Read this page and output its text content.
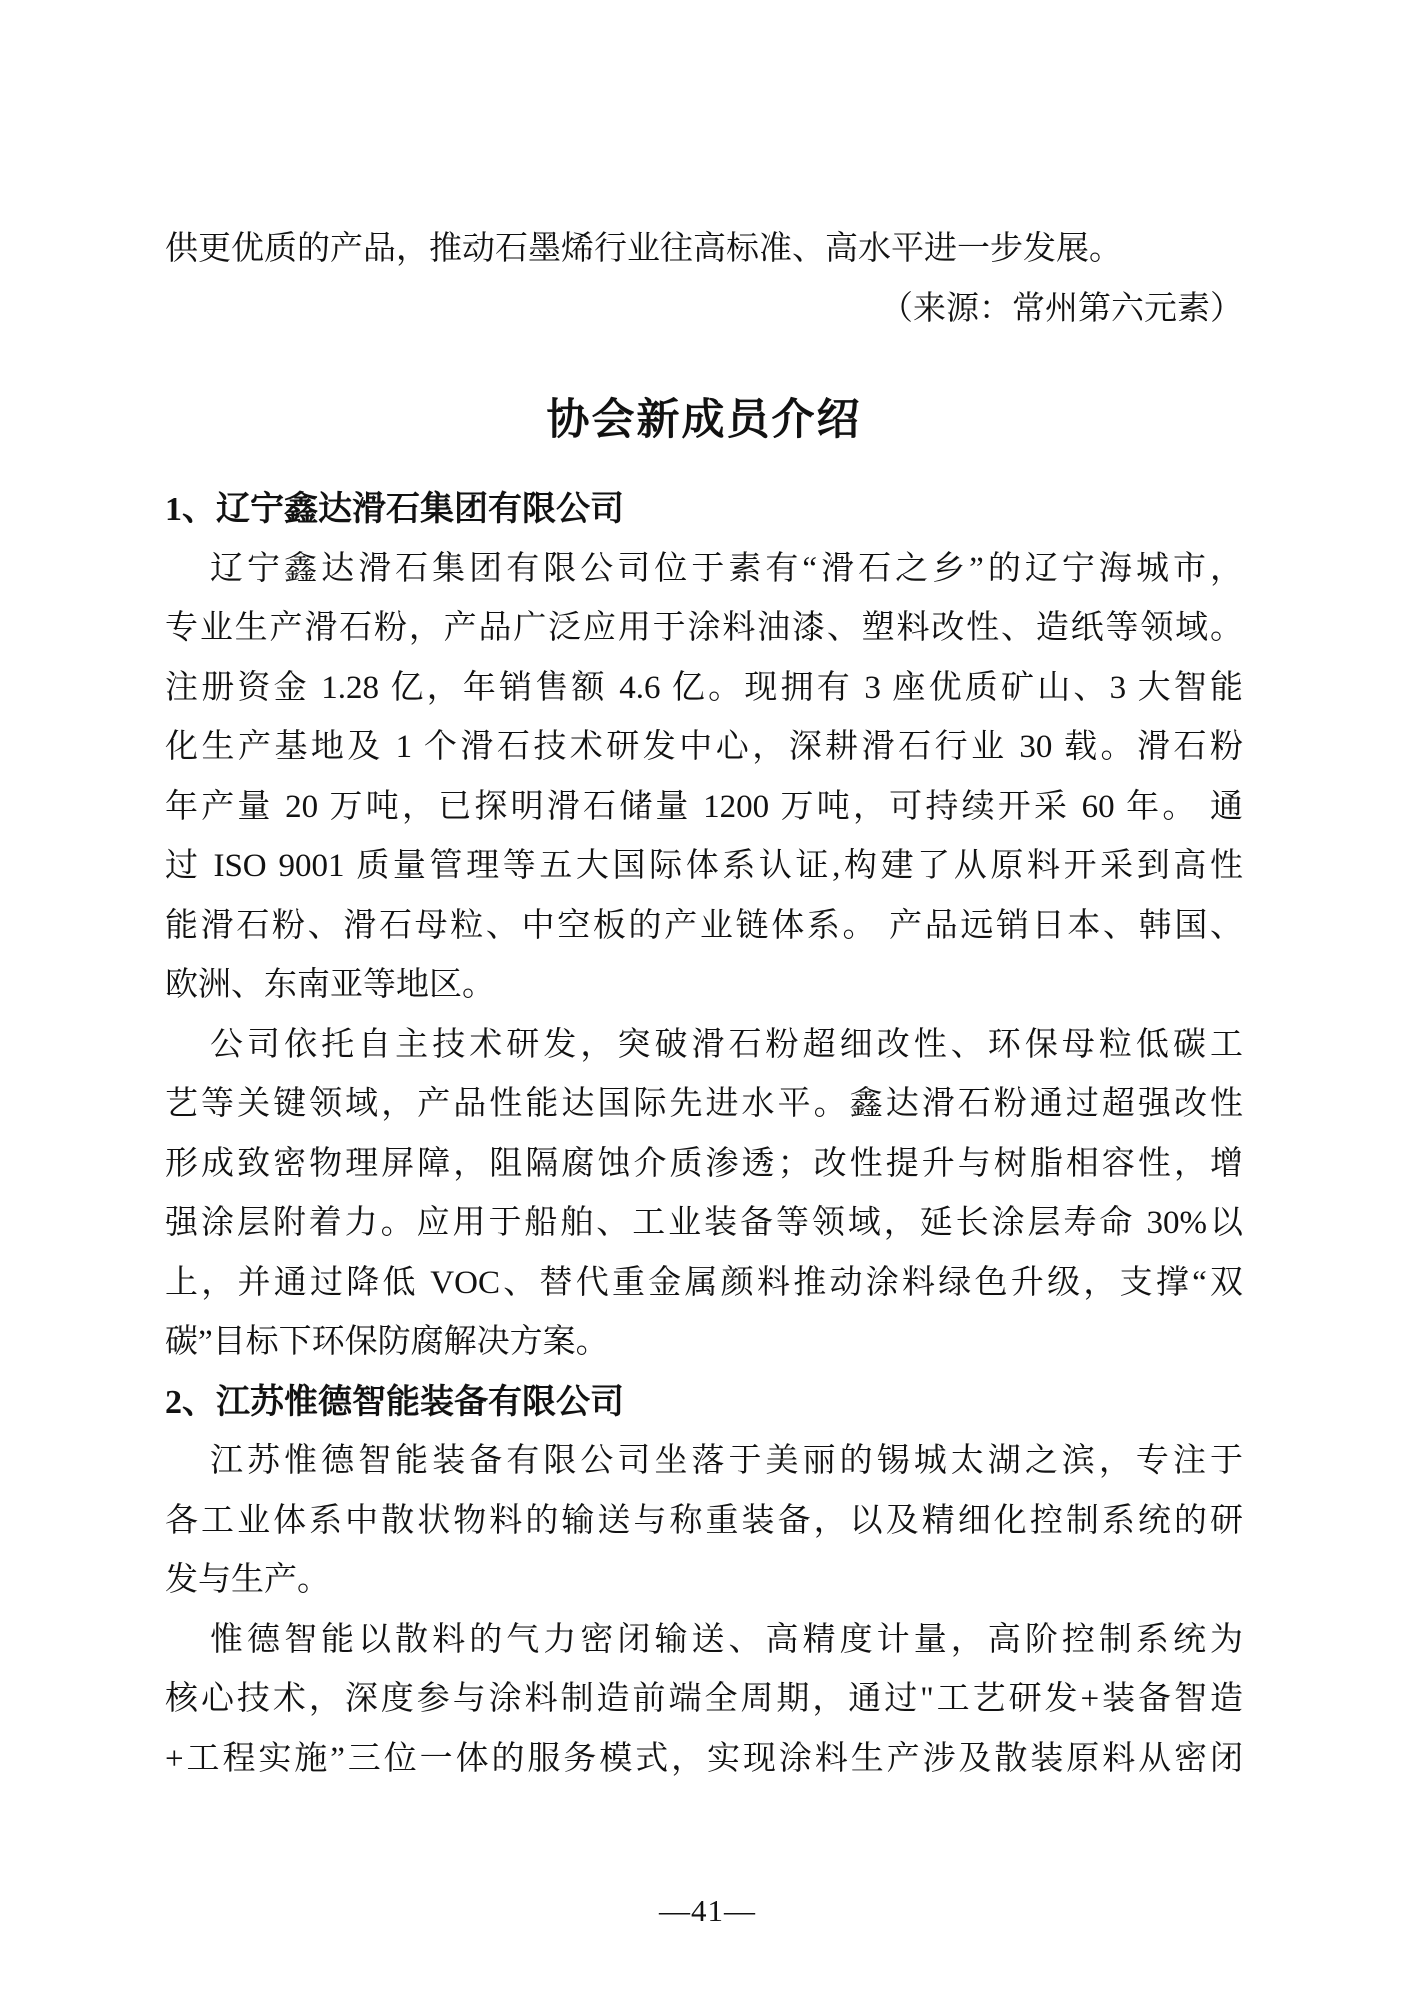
供更优质的产品，推动石墨烯行业往高标准、高水平进一步发展。
（来源：常州第六元素）
协会新成员介绍
1、辽宁鑫达滑石集团有限公司
辽宁鑫达滑石集团有限公司位于素有“滑石之乡”的辽宁海城市，
专业生产滑石粉，产品广泛应用于涂料油漆、塑料改性、造纸等领域。
注册资金 1.28 亿，年销售额 4.6 亿。现拥有 3 座优质矿山、3 大智能
化生产基地及 1 个滑石技术研发中心，深耕滑石行业 30 载。滑石粉
年产量 20 万吨，已探明滑石储量 1200 万吨，可持续开采 60 年。 通
过 ISO 9001 质量管理等五大国际体系认证,构建了从原料开采到高性
能滑石粉、滑石母粒、中空板的产业链体系。 产品远销日本、韩国、
欧洲、东南亚等地区。
公司依托自主技术研发，突破滑石粉超细改性、环保母粒低碳工
艺等关键领域，产品性能达国际先进水平。鑫达滑石粉通过超强改性
形成致密物理屏障，阻隔腐蚀介质渗透；改性提升与树脂相容性，增
强涂层附着力。应用于船舶、工业装备等领域，延长涂层寿命 30%以
上，并通过降低 VOC、替代重金属颜料推动涂料绿色升级，支撑“双
碳”目标下环保防腐解决方案。
2、江苏惟德智能装备有限公司
江苏惟德智能装备有限公司坐落于美丽的锡城太湖之滨，专注于
各工业体系中散状物料的输送与称重装备，以及精细化控制系统的研
发与生产。
惟德智能以散料的气力密闭输送、高精度计量，高阶控制系统为
核心技术，深度参与涂料制造前端全周期，通过"工艺研发+装备智造
+工程实施”三位一体的服务模式，实现涂料生产涉及散装原料从密闭
—41—
